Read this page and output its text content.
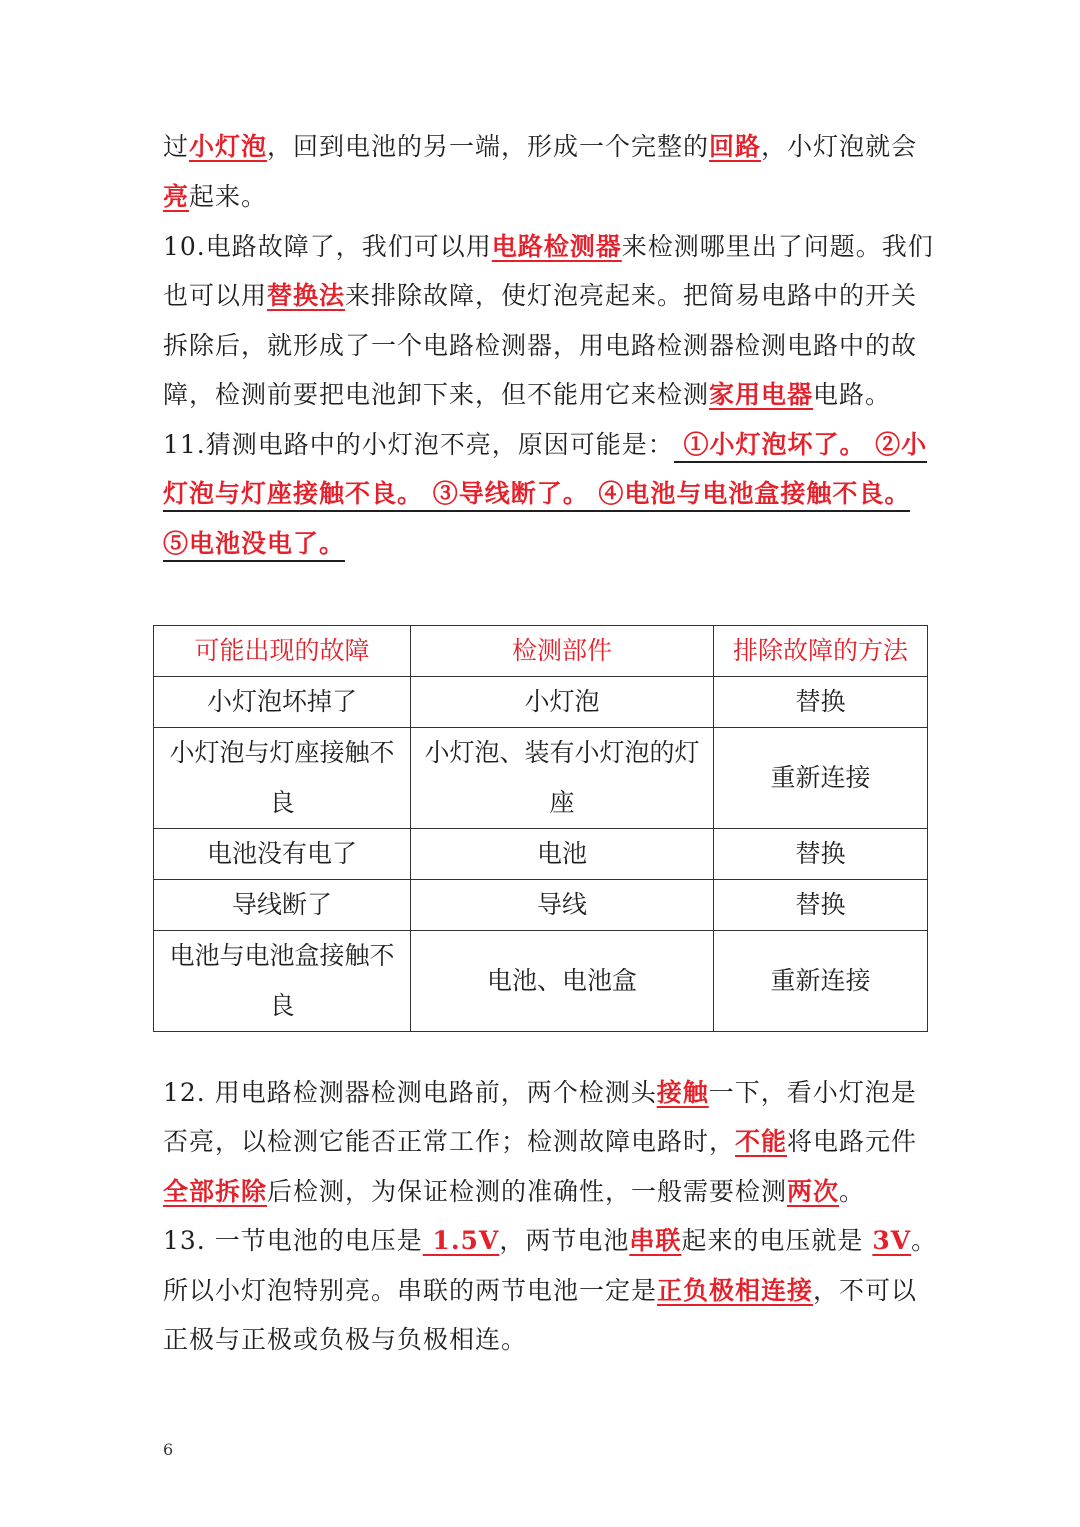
过小灯泡，回到电池的另一端，形成一个完整的回路，小灯泡就会
亮起来。
10.电路故障了，我们可以用电路检测器来检测哪里出了问题。我们
也可以用替换法来排除故障，使灯泡亮起来。把简易电路中的开关
拆除后，就形成了一个电路检测器，用电路检测器检测电路中的故
障，检测前要把电池卸下来，但不能用它来检测家用电器电路。
11.猜测电路中的小灯泡不亮，原因可能是： ①小灯泡坏了。 ②小
灯泡与灯座接触不良。 ③导线断了。 ④电池与电池盒接触不良。
⑤电池没电了。
可能出现的故障	检测部件	排除故障的方法
小灯泡坏掉了	小灯泡	替换
小灯泡与灯座接触不良	小灯泡、装有小灯泡的灯座	重新连接
电池没有电了	电池	替换
导线断了	导线	替换
电池与电池盒接触不良	电池、电池盒	重新连接
12. 用电路检测器检测电路前，两个检测头接触一下，看小灯泡是
否亮，以检测它能否正常工作；检测故障电路时，不能将电路元件
全部拆除后检测，为保证检测的准确性，一般需要检测两次。
13. 一节电池的电压是 1.5V，两节电池串联起来的电压就是 3V。
所以小灯泡特别亮。串联的两节电池一定是正负极相连接，不可以
正极与正极或负极与负极相连。
6
